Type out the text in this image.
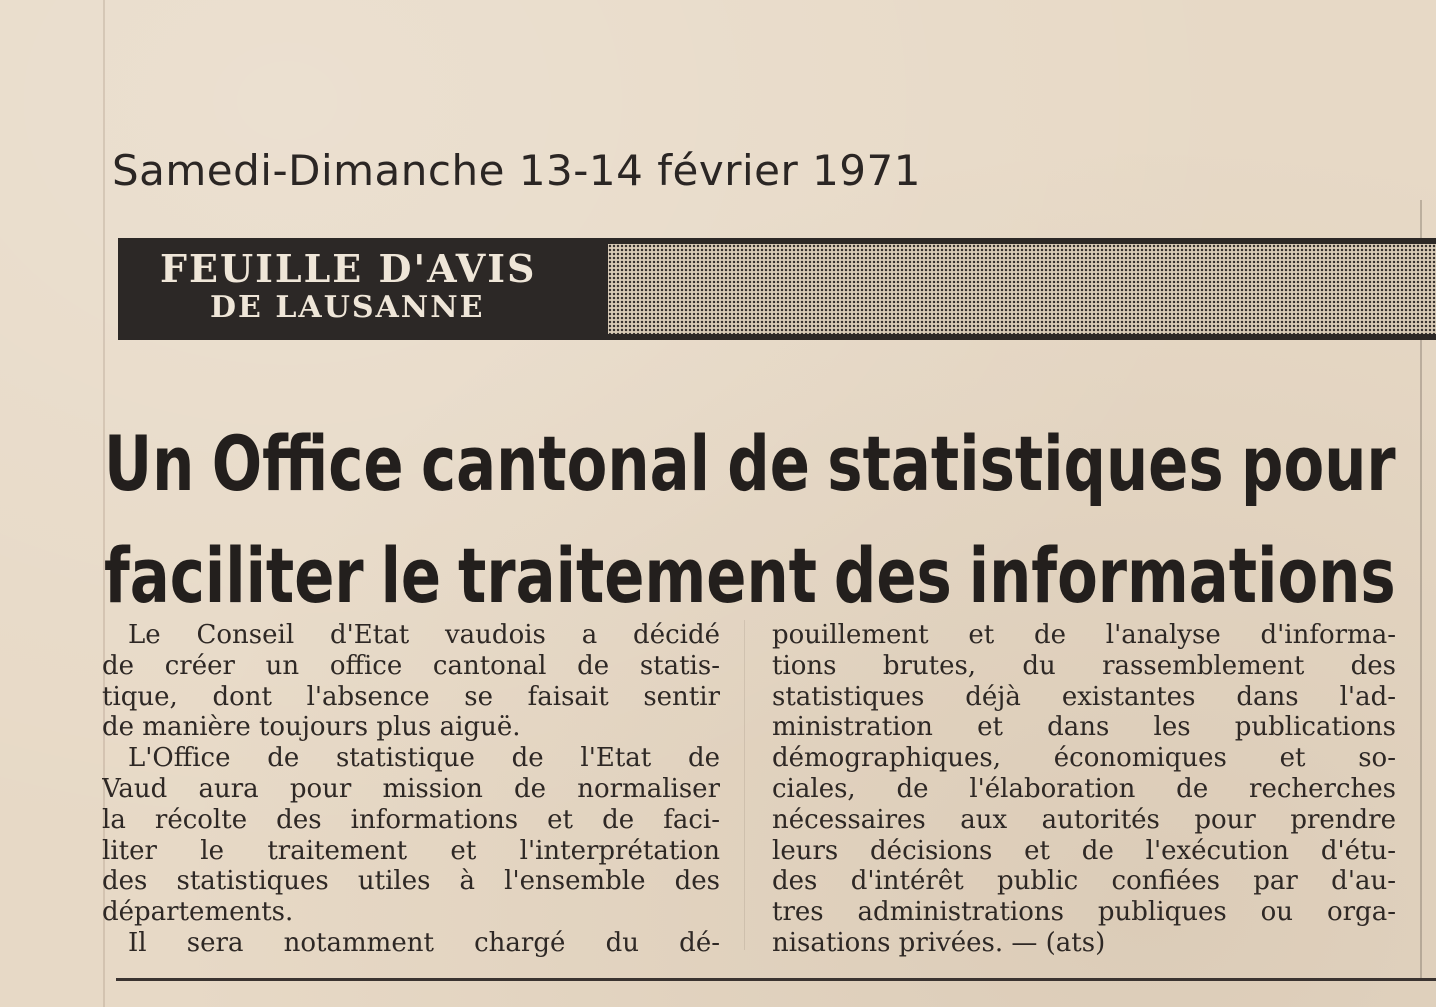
Samedi-Dimanche 13-14 février 1971
FEUILLE D'AVIS
DE LAUSANNE
Un Office cantonal de statistiques pour
faciliter le traitement des informations
Le Conseil d'Etat vaudois a décidé
de créer un office cantonal de statis-
tique, dont l'absence se faisait sentir
de manière toujours plus aiguë.
L'Office de statistique de l'Etat de
Vaud aura pour mission de normaliser
la récolte des informations et de faci-
liter le traitement et l'interprétation
des statistiques utiles à l'ensemble des
départements.
Il sera notamment chargé du dé-
pouillement et de l'analyse d'informa-
tions brutes, du rassemblement des
statistiques déjà existantes dans l'ad-
ministration et dans les publications
démographiques, économiques et so-
ciales, de l'élaboration de recherches
nécessaires aux autorités pour prendre
leurs décisions et de l'exécution d'étu-
des d'intérêt public confiées par d'au-
tres administrations publiques ou orga-
nisations privées. — (ats)
